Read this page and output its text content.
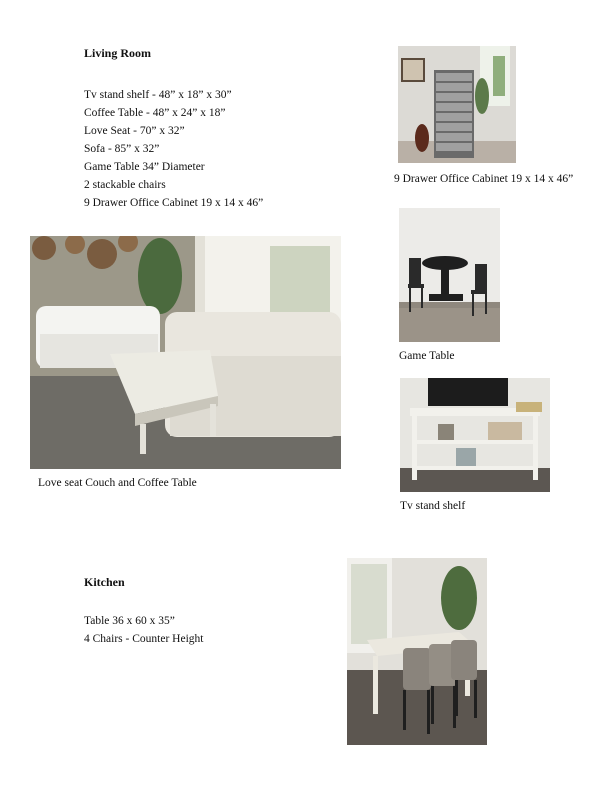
Living Room
Tv stand shelf - 48” x 18” x 30”
Coffee Table - 48” x 24” x 18”
Love Seat - 70” x 32”
Sofa - 85” x 32”
Game Table 34” Diameter
2 stackable chairs
9 Drawer Office Cabinet 19 x 14 x 46”
9 Drawer Office Cabinet 19 x 14 x 46”
Game Table
Love seat Couch and Coffee Table
Tv stand shelf
Kitchen
Table 36 x 60 x 35”
4 Chairs - Counter Height
